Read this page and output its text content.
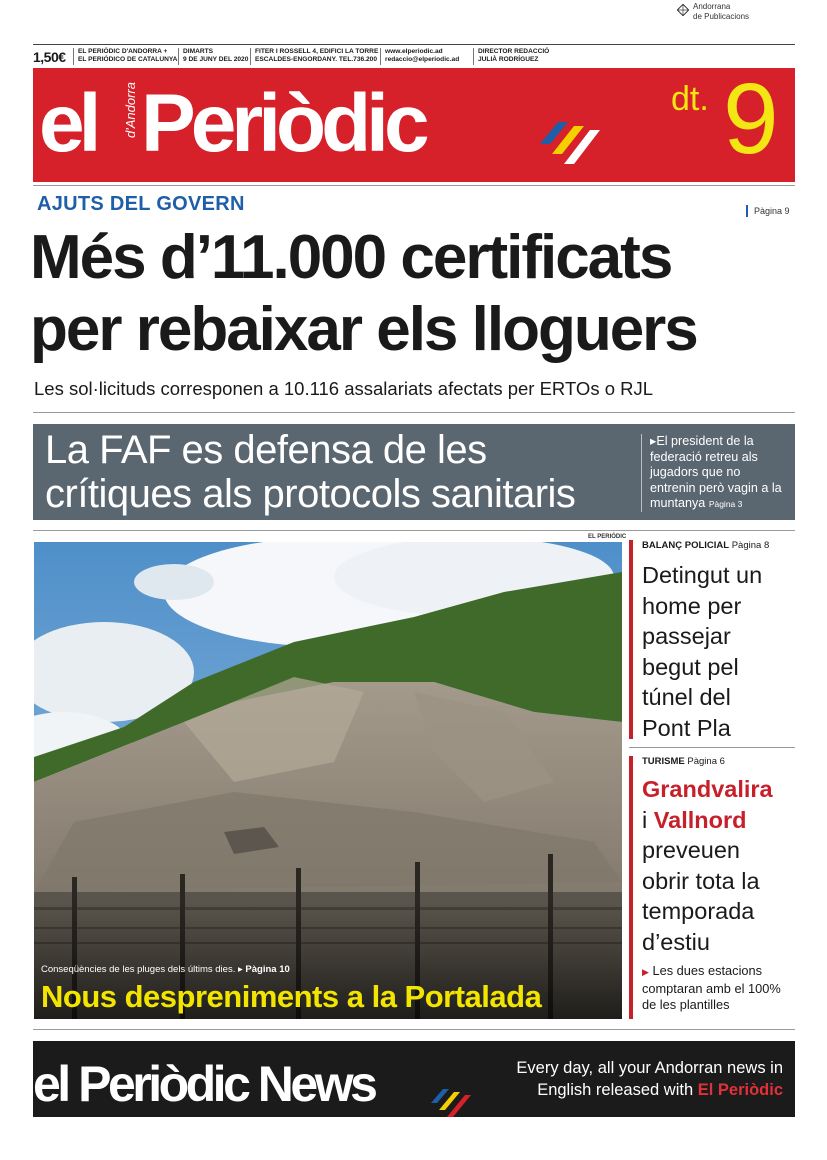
1,50€ EL PERIÒDIC D'ANDORRA +
EL PERIÓDICO DE CATALUNYA
DIMARTS
9 DE JUNY DEL 2020
FITER I ROSSELL 4, EDIFICI LA TORRE
ESCALDES-ENGORDANY. TEL.736.200
www.elperiodic.ad
redaccio@elperiodic.ad
DIRECTOR REDACCIÓ
JULIÀ RODRÍGUEZ
Andorrana
de Publicacions
el d'Andorra Periòdic	dt. 9
AJUTS DEL GOVERN	Pàgina 9
Més d’11.000 certificats
per rebaixar els lloguers
Les sol·licituds corresponen a 10.116 assalariats afectats per ERTOs o RJL
La FAF es defensa de les crítiques als protocols sanitaris

▸El president de la federació retreu als jugadors que no entrenin però vagin a la muntanya Pàgina 3

EL PERIÓDIC
Conseqüències de les pluges dels últims dies. ▸ Pàgina 10
Nous despreniments a la Portalada
BALANÇ POLICIAL Pàgina 8
Detingut un
home per
passejar
begut pel
túnel del
Pont Pla
TURISME Pàgina 6
Grandvalira
i Vallnord
preveuen
obrir tota la
temporada
d’estiu
▶ Les dues estacions comptaran amb el 100% de les plantilles
el Periòdic News	Every day, all your Andorran news in
English released with El Periòdic
